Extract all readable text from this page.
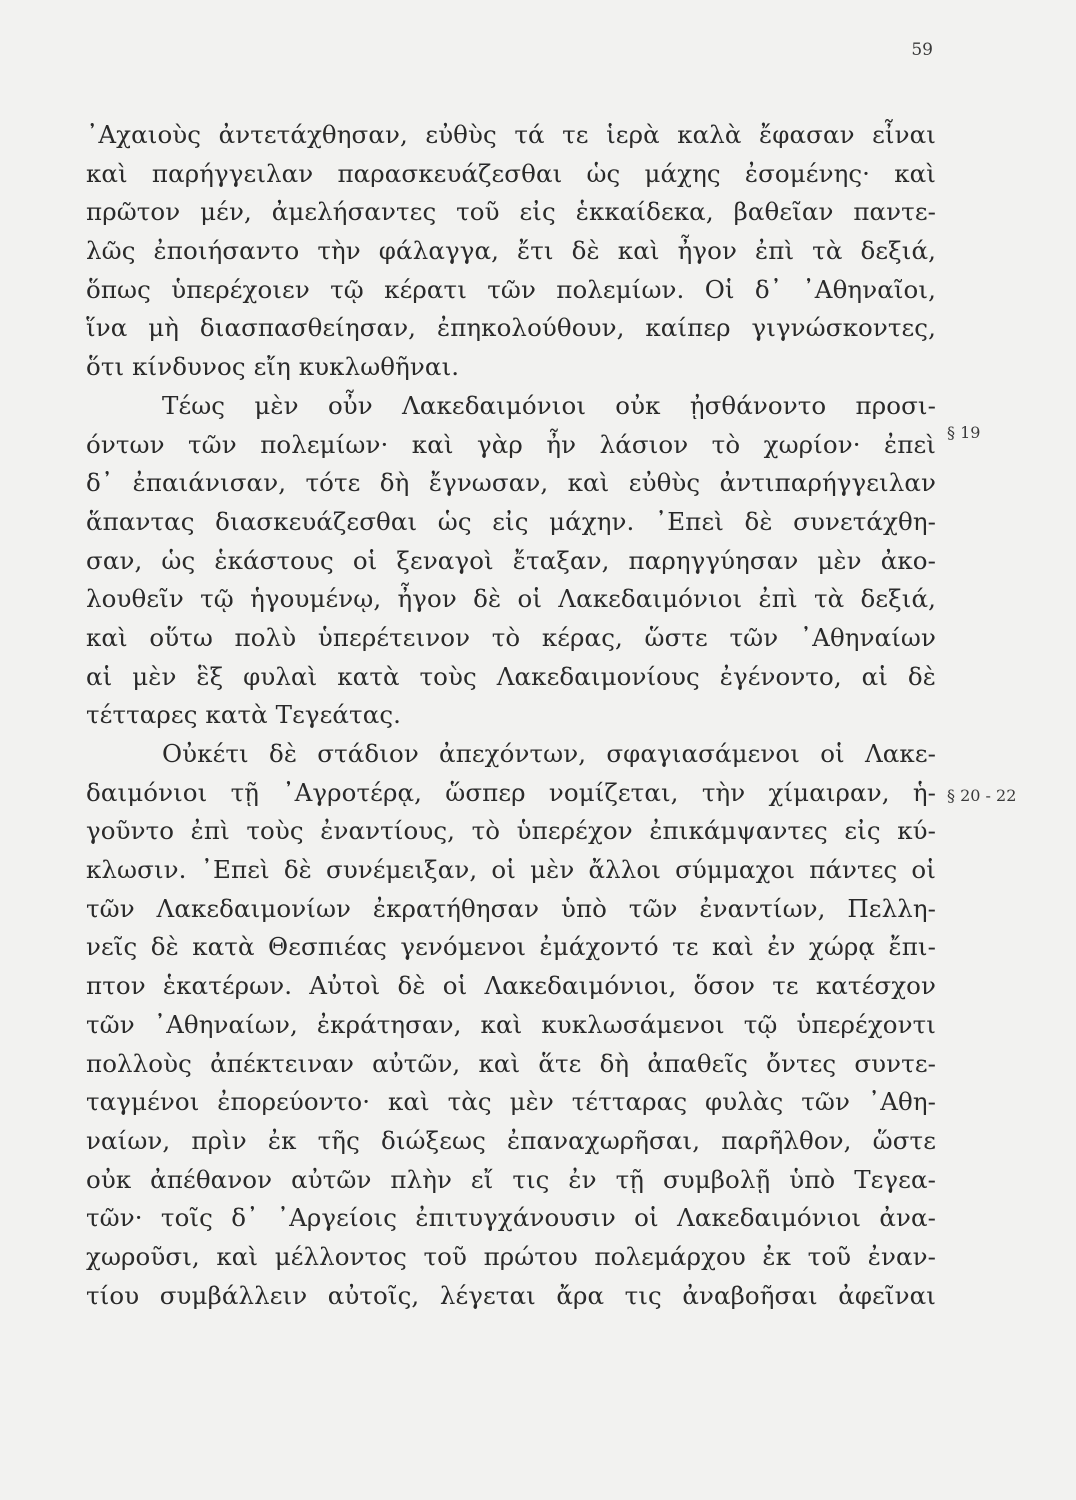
59
᾿Αχαιοὺς ἀντετάχθησαν, εὐθὺς τά τε ἱερὰ καλὰ ἔφασαν εἶναι
καὶ παρήγγειλαν παρασκευάζεσθαι ὡς μάχης ἐσομένης· καὶ
πρῶτον μέν, ἀμελήσαντες τοῦ εἰς ἑκκαίδεκα, βαθεῖαν παντε-
λῶς ἐποιήσαντο τὴν φάλαγγα, ἔτι δὲ καὶ ἦγον ἐπὶ τὰ δεξιά,
ὅπως ὑπερέχοιεν τῷ κέρατι τῶν πολεμίων. Οἱ δ᾿ ᾿Αθηναῖοι,
ἵνα μὴ διασπασθείησαν, ἐπηκολούθουν, καίπερ γιγνώσκοντες,
ὅτι κίνδυνος εἴη κυκλωθῆναι.
Τέως μὲν οὖν Λακεδαιμόνιοι οὐκ ᾐσθάνοντο προσι-
όντων τῶν πολεμίων· καὶ γὰρ ἦν λάσιον τὸ χωρίον· ἐπεὶ
δ᾿ ἐπαιάνισαν, τότε δὴ ἔγνωσαν, καὶ εὐθὺς ἀντιπαρήγγειλαν
ἅπαντας διασκευάζεσθαι ὡς εἰς μάχην. ᾿Επεὶ δὲ συνετάχθη-
σαν, ὡς ἑκάστους οἱ ξεναγοὶ ἔταξαν, παρηγγύησαν μὲν ἀκο-
λουθεῖν τῷ ἡγουμένῳ, ἦγον δὲ οἱ Λακεδαιμόνιοι ἐπὶ τὰ δεξιά,
καὶ οὕτω πολὺ ὑπερέτεινον τὸ κέρας, ὥστε τῶν ᾿Αθηναίων
αἱ μὲν ἓξ φυλαὶ κατὰ τοὺς Λακεδαιμονίους ἐγένοντο, αἱ δὲ
τέτταρες κατὰ Τεγεάτας.
Οὐκέτι δὲ στάδιον ἀπεχόντων, σφαγιασάμενοι οἱ Λακε-
δαιμόνιοι τῇ ᾿Αγροτέρᾳ, ὥσπερ νομίζεται, τὴν χίμαιραν, ἡ-
γοῦντο ἐπὶ τοὺς ἐναντίους, τὸ ὑπερέχον ἐπικάμψαντες εἰς κύ-
κλωσιν. ᾿Επεὶ δὲ συνέμειξαν, οἱ μὲν ἄλλοι σύμμαχοι πάντες οἱ
τῶν Λακεδαιμονίων ἐκρατήθησαν ὑπὸ τῶν ἐναντίων, Πελλη-
νεῖς δὲ κατὰ Θεσπιέας γενόμενοι ἐμάχοντό τε καὶ ἐν χώρᾳ ἔπι-
πτον ἑκατέρων. Αὐτοὶ δὲ οἱ Λακεδαιμόνιοι, ὅσον τε κατέσχον
τῶν ᾿Αθηναίων, ἐκράτησαν, καὶ κυκλωσάμενοι τῷ ὑπερέχοντι
πολλοὺς ἀπέκτειναν αὐτῶν, καὶ ἅτε δὴ ἀπαθεῖς ὄντες συντε-
ταγμένοι ἐπορεύοντο· καὶ τὰς μὲν τέτταρας φυλὰς τῶν ᾿Αθη-
ναίων, πρὶν ἐκ τῆς διώξεως ἐπαναχωρῆσαι, παρῆλθον, ὥστε
οὐκ ἀπέθανον αὐτῶν πλὴν εἴ τις ἐν τῇ συμβολῇ ὑπὸ Τεγεα-
τῶν· τοῖς δ᾿ ᾿Αργείοις ἐπιτυγχάνουσιν οἱ Λακεδαιμόνιοι ἀνα-
χωροῦσι, καὶ μέλλοντος τοῦ πρώτου πολεμάρχου ἐκ τοῦ ἐναν-
τίου συμβάλλειν αὐτοῖς, λέγεται ἄρα τις ἀναβοῆσαι ἀφεῖναι
§ 19
§ 20 - 22
